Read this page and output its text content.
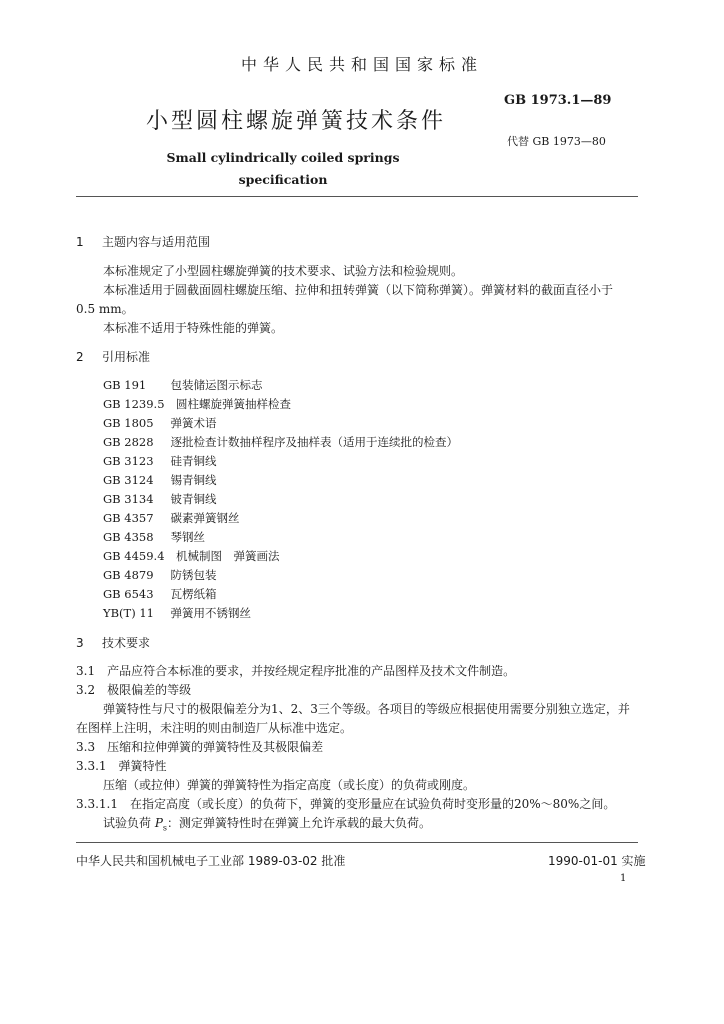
中华人民共和国国家标准
GB 1973.1—89
小型圆柱螺旋弹簧技术条件
代替 GB 1973—80
Small cylindrically coiled springs
specification
1 主题内容与适用范围
本标准规定了小型圆柱螺旋弹簧的技术要求、试验方法和检验规则。
本标准适用于圆截面圆柱螺旋压缩、拉伸和扭转弹簧（以下简称弹簧）。弹簧材料的截面直径小于
0.5 mm。
本标准不适用于特殊性能的弹簧。
2 引用标准
GB 191　 包装储运图示标志
GB 1239.5　 圆柱螺旋弹簧抽样检查
GB 1805　 弹簧术语
GB 2828　 逐批检查计数抽样程序及抽样表（适用于连续批的检查）
GB 3123　 硅青铜线
GB 3124　 锡青铜线
GB 3134　 铍青铜线
GB 4357　 碳素弹簧钢丝
GB 4358　 琴钢丝
GB 4459.4　 机械制图　弹簧画法
GB 4879　 防锈包装
GB 6543　 瓦楞纸箱
YB(T) 11　 弹簧用不锈钢丝
3 技术要求
3.1　产品应符合本标准的要求，并按经规定程序批准的产品图样及技术文件制造。
3.2　极限偏差的等级
弹簧特性与尺寸的极限偏差分为1、2、3三个等级。各项目的等级应根据使用需要分别独立选定，并
在图样上注明，未注明的则由制造厂从标准中选定。
3.3　压缩和拉伸弹簧的弹簧特性及其极限偏差
3.3.1　弹簧特性
压缩（或拉伸）弹簧的弹簧特性为指定高度（或长度）的负荷或刚度。
3.3.1.1　在指定高度（或长度）的负荷下，弹簧的变形量应在试验负荷时变形量的20%～80%之间。
试验负荷 $P_s$：测定弹簧特性时在弹簧上允许承载的最大负荷。
中华人民共和国机械电子工业部 1989-03-02 批准	1990-01-01 实施
1
